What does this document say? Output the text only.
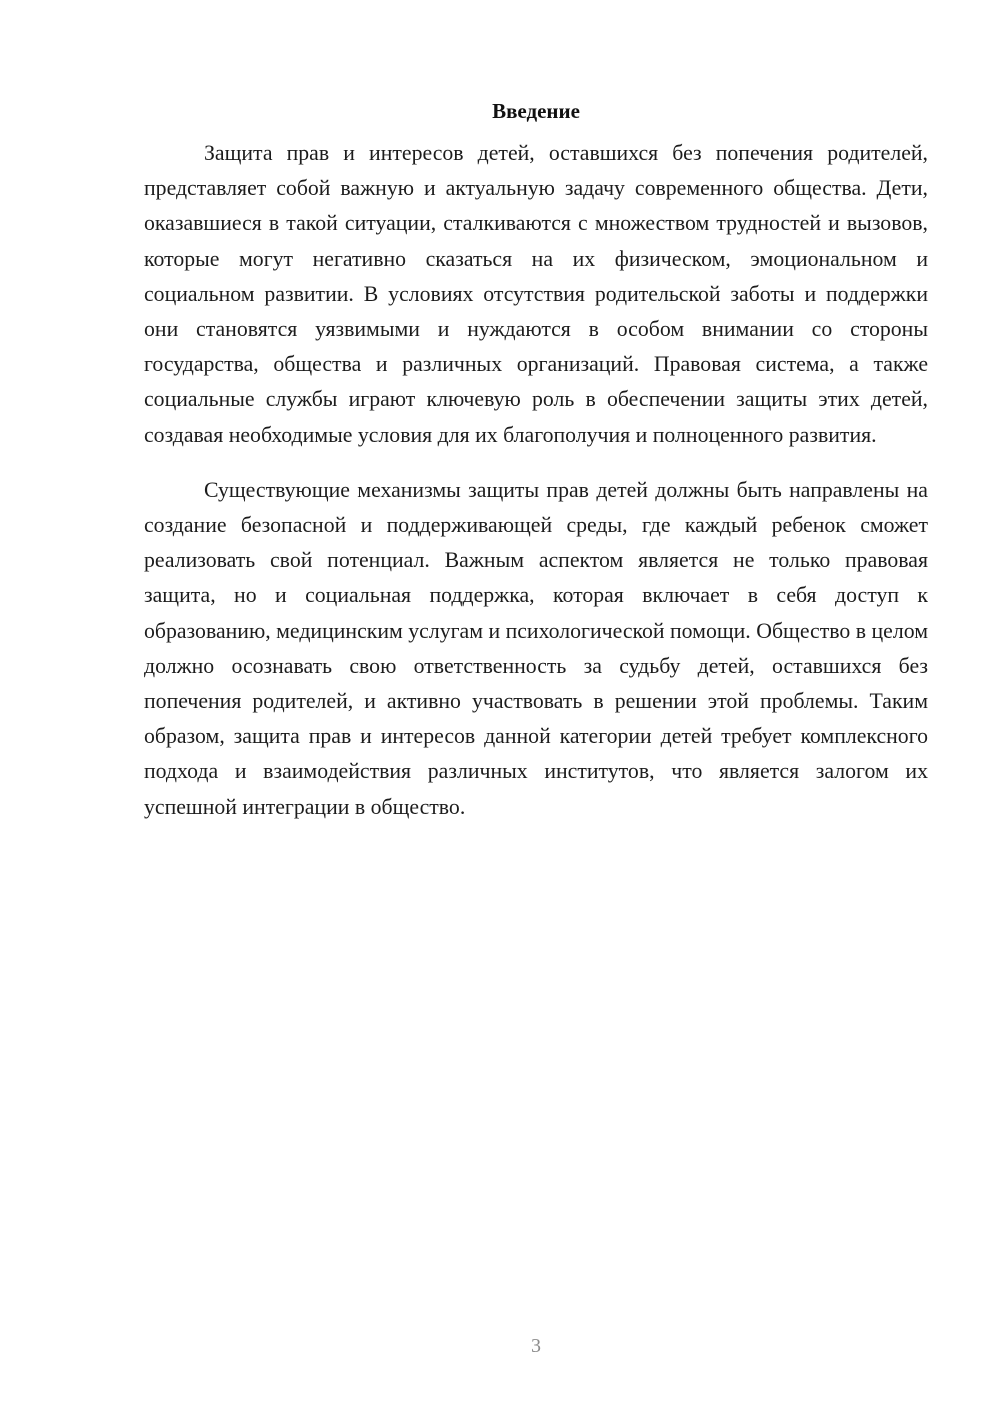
Введение

Защита прав и интересов детей, оставшихся без попечения родителей, представляет собой важную и актуальную задачу современного общества. Дети, оказавшиеся в такой ситуации, сталкиваются с множеством трудностей и вызовов, которые могут негативно сказаться на их физическом, эмоциональном и социальном развитии. В условиях отсутствия родительской заботы и поддержки они становятся уязвимыми и нуждаются в особом внимании со стороны государства, общества и различных организаций. Правовая система, а также социальные службы играют ключевую роль в обеспечении защиты этих детей, создавая необходимые условия для их благополучия и полноценного развития.

Существующие механизмы защиты прав детей должны быть направлены на создание безопасной и поддерживающей среды, где каждый ребенок сможет реализовать свой потенциал. Важным аспектом является не только правовая защита, но и социальная поддержка, которая включает в себя доступ к образованию, медицинским услугам и психологической помощи. Общество в целом должно осознавать свою ответственность за судьбу детей, оставшихся без попечения родителей, и активно участвовать в решении этой проблемы. Таким образом, защита прав и интересов данной категории детей требует комплексного подхода и взаимодействия различных институтов, что является залогом их успешной интеграции в общество.

3
